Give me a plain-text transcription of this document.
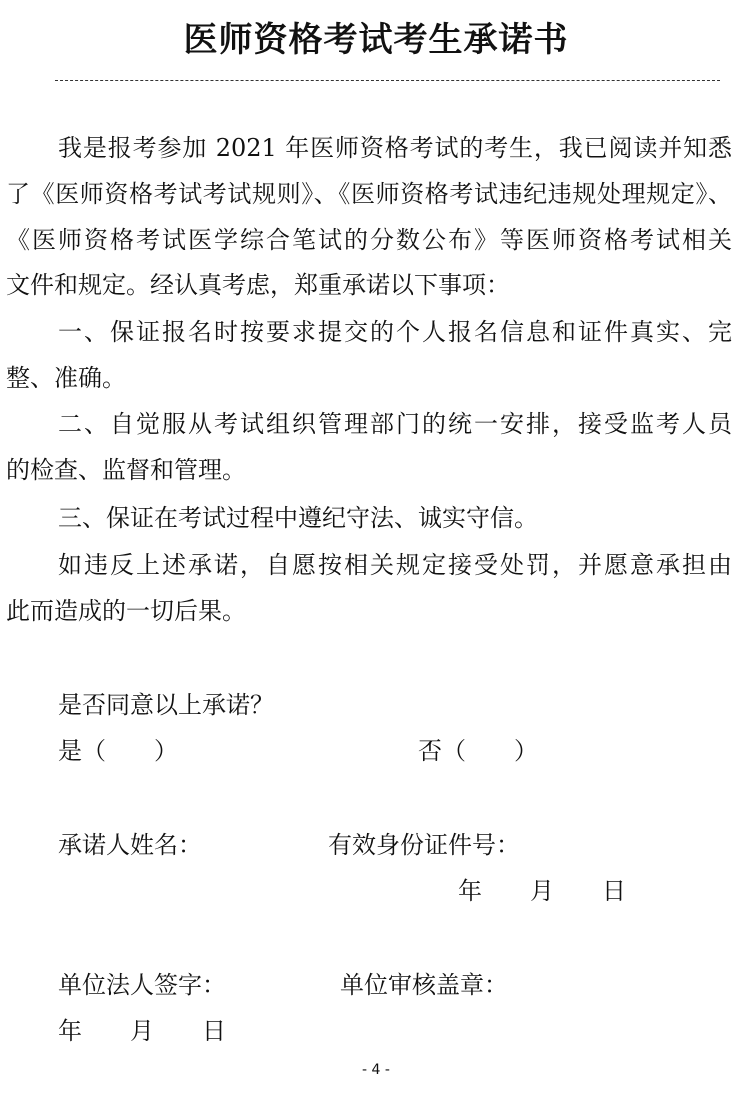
医师资格考试考生承诺书
我是报考参加 2021 年医师资格考试的考生，我已阅读并知悉
了《医师资格考试考试规则》、《医师资格考试违纪违规处理规定》、
《医师资格考试医学综合笔试的分数公布》等医师资格考试相关
文件和规定。经认真考虑，郑重承诺以下事项：
一、保证报名时按要求提交的个人报名信息和证件真实、完
整、准确。
二、自觉服从考试组织管理部门的统一安排，接受监考人员
的检查、监督和管理。
三、保证在考试过程中遵纪守法、诚实守信。
如违反上述承诺，自愿按相关规定接受处罚，并愿意承担由
此而造成的一切后果。
是否同意以上承诺？
是（　　）	否（　　）
承诺人姓名：	有效身份证件号：
年　　月　　日
单位法人签字：	单位审核盖章：
年　　月　　日
- 4 -
